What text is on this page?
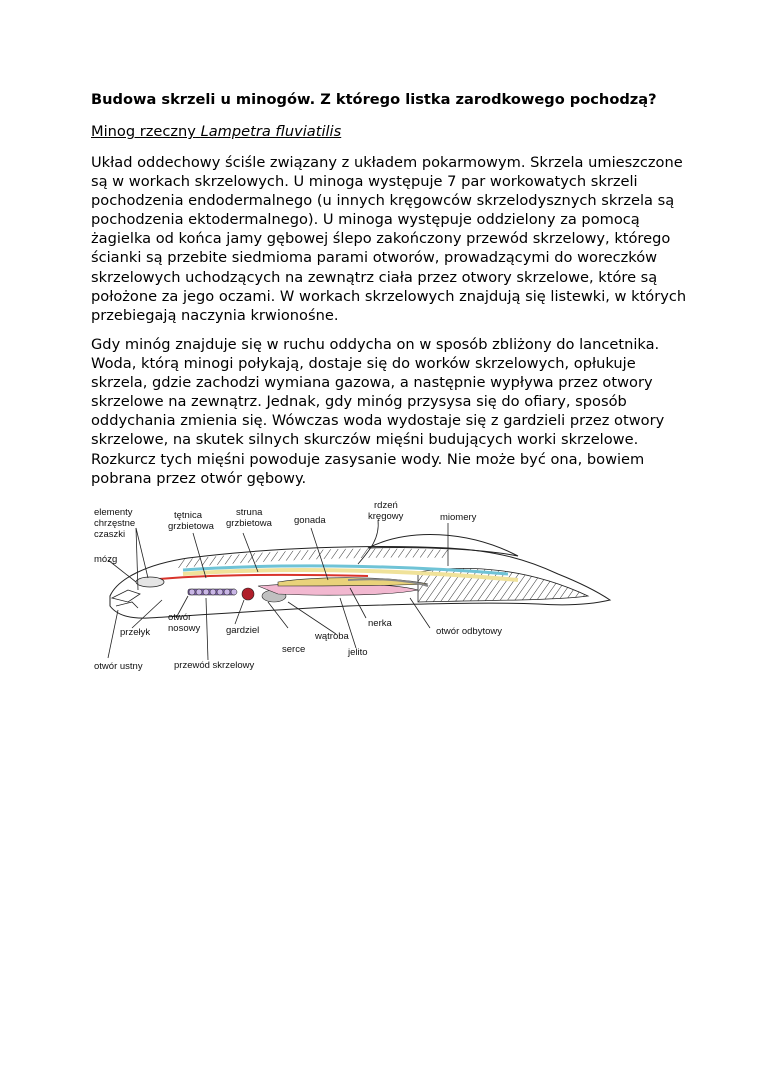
Budowa skrzeli u minogów. Z którego listka zarodkowego pochodzą?

Minog rzeczny Lampetra fluviatilis

Układ oddechowy ściśle związany z układem pokarmowym. Skrzela umieszczone
są w workach skrzelowych. U minoga występuje 7 par workowatych skrzeli
pochodzenia endodermalnego (u innych kręgowców skrzelodysznych skrzela są
pochodzenia ektodermalnego). U minoga występuje oddzielony za pomocą
żagielka od końca jamy gębowej ślepo zakończony przewód skrzelowy, którego
ścianki są przebite siedmioma parami otworów, prowadzącymi do woreczków
skrzelowych uchodzących na zewnątrz ciała przez otwory skrzelowe, które są
położone za jego oczami. W workach skrzelowych znajdują się listewki, w których
przebiegają naczynia krwionośne.

Gdy minóg znajduje się w ruchu oddycha on w sposób zbliżony do lancetnika.
Woda, którą minogi połykają, dostaje się do worków skrzelowych, opłukuje
skrzela, gdzie zachodzi wymiana gazowa, a następnie wypływa przez otwory
skrzelowe na zewnątrz. Jednak, gdy minóg przysysa się do ofiary, sposób
oddychania zmienia się. Wówczas woda wydostaje się z gardzieli przez otwory
skrzelowe, na skutek silnych skurczów mięśni budujących worki skrzelowe.
Rozkurcz tych mięśni powoduje zasysanie wody. Nie może być ona, bowiem
pobrana przez otwór gębowy.

elementy
chrzęstne
czaszki
tętnica
grzbietowa
struna
grzbietowa gonada
rdzeń
kręgowy	miomery
mózg
otwór
nosowy
przełyk	gardziel
wątroba
nerka
otwór odbytowy
serce	jelito
otwór ustny	przewód skrzelowy
